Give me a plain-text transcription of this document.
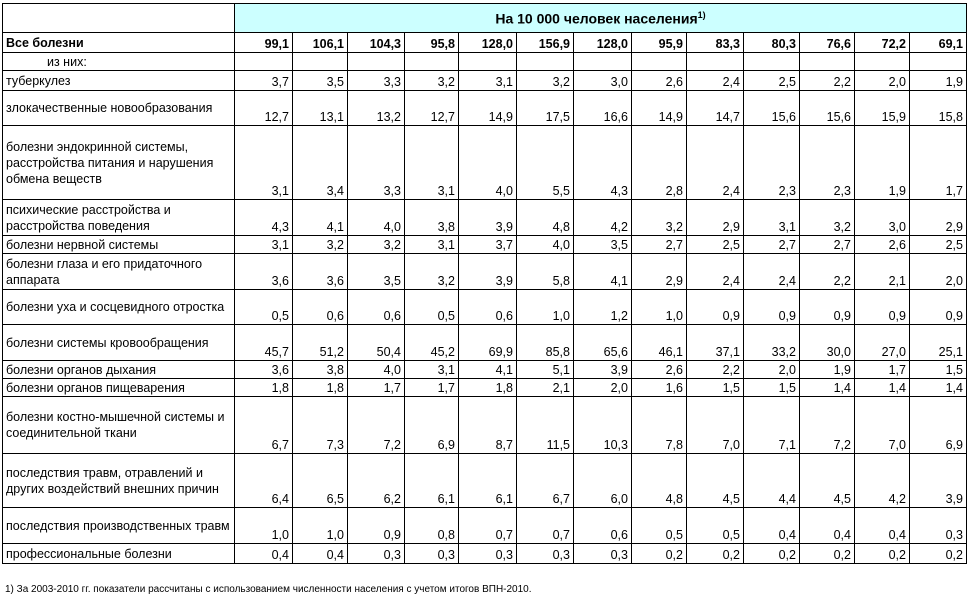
	На 10 000 человек населения$^{1)}$
Все болезни	99,1	106,1	104,3	95,8	128,0	156,9	128,0	95,9	83,3	80,3	76,6	72,2	69,1
из них:													
туберкулез	3,7	3,5	3,3	3,2	3,1	3,2	3,0	2,6	2,4	2,5	2,2	2,0	1,9
злокачественные новообразования	12,7	13,1	13,2	12,7	14,9	17,5	16,6	14,9	14,7	15,6	15,6	15,9	15,8
болезни эндокринной системы, расстройства питания и нарушения обмена веществ	3,1	3,4	3,3	3,1	4,0	5,5	4,3	2,8	2,4	2,3	2,3	1,9	1,7
психические расстройства и расстройства поведения	4,3	4,1	4,0	3,8	3,9	4,8	4,2	3,2	2,9	3,1	3,2	3,0	2,9
болезни нервной системы	3,1	3,2	3,2	3,1	3,7	4,0	3,5	2,7	2,5	2,7	2,7	2,6	2,5
болезни глаза и его придаточного аппарата	3,6	3,6	3,5	3,2	3,9	5,8	4,1	2,9	2,4	2,4	2,2	2,1	2,0
болезни уха и сосцевидного отростка	0,5	0,6	0,6	0,5	0,6	1,0	1,2	1,0	0,9	0,9	0,9	0,9	0,9
болезни системы кровообращения	45,7	51,2	50,4	45,2	69,9	85,8	65,6	46,1	37,1	33,2	30,0	27,0	25,1
болезни органов дыхания	3,6	3,8	4,0	3,1	4,1	5,1	3,9	2,6	2,2	2,0	1,9	1,7	1,5
болезни органов пищеварения	1,8	1,8	1,7	1,7	1,8	2,1	2,0	1,6	1,5	1,5	1,4	1,4	1,4
болезни костно-мышечной системы и соединительной ткани	6,7	7,3	7,2	6,9	8,7	11,5	10,3	7,8	7,0	7,1	7,2	7,0	6,9
последствия травм, отравлений и других воздействий внешних причин	6,4	6,5	6,2	6,1	6,1	6,7	6,0	4,8	4,5	4,4	4,5	4,2	3,9
последствия производственных травм	1,0	1,0	0,9	0,8	0,7	0,7	0,6	0,5	0,5	0,4	0,4	0,4	0,3
профессиональные болезни	0,4	0,4	0,3	0,3	0,3	0,3	0,3	0,2	0,2	0,2	0,2	0,2	0,2
1) За 2003-2010 гг. показатели рассчитаны с использованием численности населения с учетом итогов ВПН-2010.
